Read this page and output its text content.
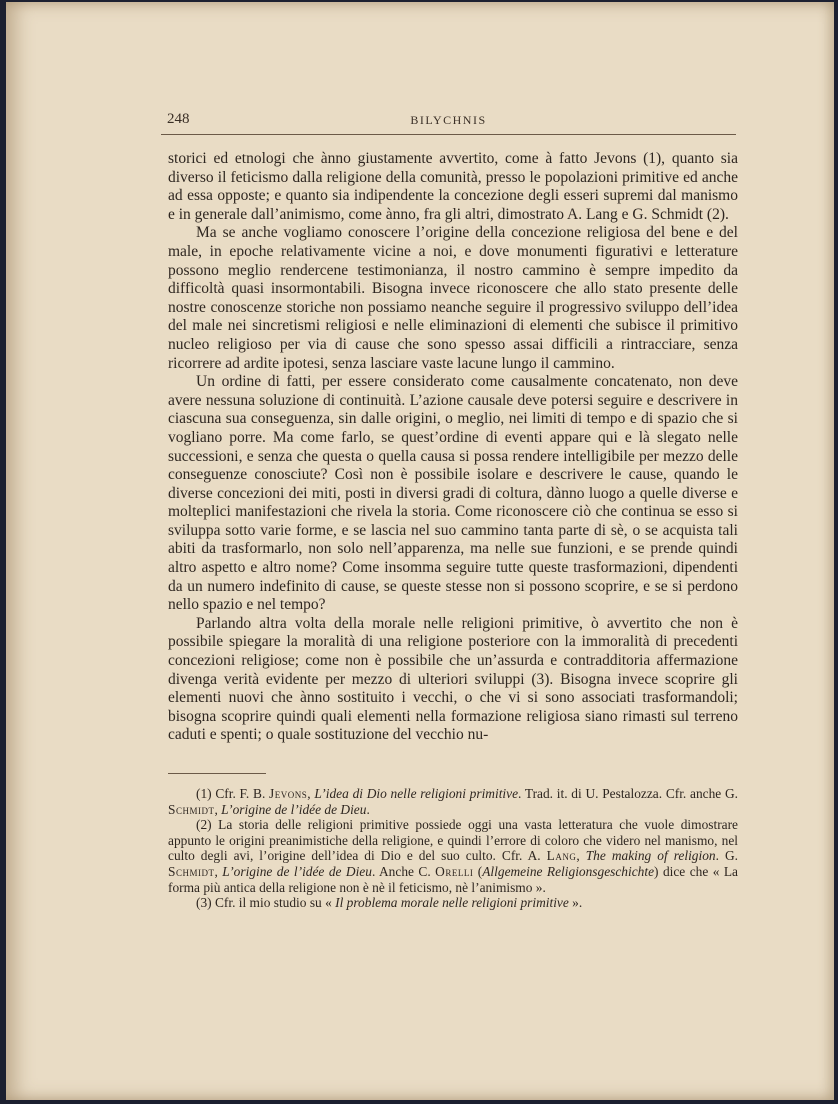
248	BILYCHNIS

storici ed etnologi che ànno giustamente avvertito, come à fatto Jevons (1), quanto sia diverso il feticismo dalla religione della comunità, presso le popolazioni primitive ed anche ad essa opposte; e quanto sia indipendente la concezione degli esseri supremi dal manismo e in generale dall’animismo, come ànno, fra gli altri, dimostrato A. Lang e G. Schmidt (2).

Ma se anche vogliamo conoscere l’origine della concezione religiosa del bene e del male, in epoche relativamente vicine a noi, e dove monumenti figurativi e letterature possono meglio rendercene testimonianza, il nostro cammino è sempre impedito da difficoltà quasi insormontabili. Bisogna invece riconoscere che allo stato presente delle nostre conoscenze storiche non possiamo neanche seguire il progressivo sviluppo dell’idea del male nei sincretismi religiosi e nelle eliminazioni di elementi che subisce il primitivo nucleo religioso per via di cause che sono spesso assai difficili a rintracciare, senza ricorrere ad ardite ipotesi, senza lasciare vaste lacune lungo il cammino.

Un ordine di fatti, per essere considerato come causalmente concatenato, non deve avere nessuna soluzione di continuità. L’azione causale deve potersi seguire e descrivere in ciascuna sua conseguenza, sin dalle origini, o meglio, nei limiti di tempo e di spazio che si vogliano porre. Ma come farlo, se quest’ordine di eventi appare qui e là slegato nelle successioni, e senza che questa o quella causa si possa rendere intelligibile per mezzo delle conseguenze conosciute? Così non è possibile isolare e descrivere le cause, quando le diverse concezioni dei miti, posti in diversi gradi di coltura, dànno luogo a quelle diverse e molteplici manifestazioni che rivela la storia. Come riconoscere ciò che continua se esso si sviluppa sotto varie forme, e se lascia nel suo cammino tanta parte di sè, o se acquista tali abiti da trasformarlo, non solo nell’apparenza, ma nelle sue funzioni, e se prende quindi altro aspetto e altro nome? Come insomma seguire tutte queste trasformazioni, dipendenti da un numero indefinito di cause, se queste stesse non si possono scoprire, e se si perdono nello spazio e nel tempo?

Parlando altra volta della morale nelle religioni primitive, ò avvertito che non è possibile spiegare la moralità di una religione posteriore con la immoralità di precedenti concezioni religiose; come non è possibile che un’assurda e contradditoria affermazione divenga verità evidente per mezzo di ulteriori sviluppi (3). Bisogna invece scoprire gli elementi nuovi che ànno sostituito i vecchi, o che vi si sono associati trasformandoli; bisogna scoprire quindi quali elementi nella formazione religiosa siano rimasti sul terreno caduti e spenti; o quale sostituzione del vecchio nu-

(1) Cfr. F. B. Jevons, L’idea di Dio nelle religioni primitive. Trad. it. di U. Pestalozza. Cfr. anche G. Schmidt, L’origine de l’idée de Dieu.

(2) La storia delle religioni primitive possiede oggi una vasta letteratura che vuole dimostrare appunto le origini preanimistiche della religione, e quindi l’errore di coloro che videro nel manismo, nel culto degli avi, l’origine dell’idea di Dio e del suo culto. Cfr. A. Lang, The making of religion. G. Schmidt, L’origine de l’idée de Dieu. Anche C. Orelli (Allgemeine Religionsgeschichte) dice che « La forma più antica della religione non è nè il feticismo, nè l’animismo ».

(3) Cfr. il mio studio su « Il problema morale nelle religioni primitive ».
